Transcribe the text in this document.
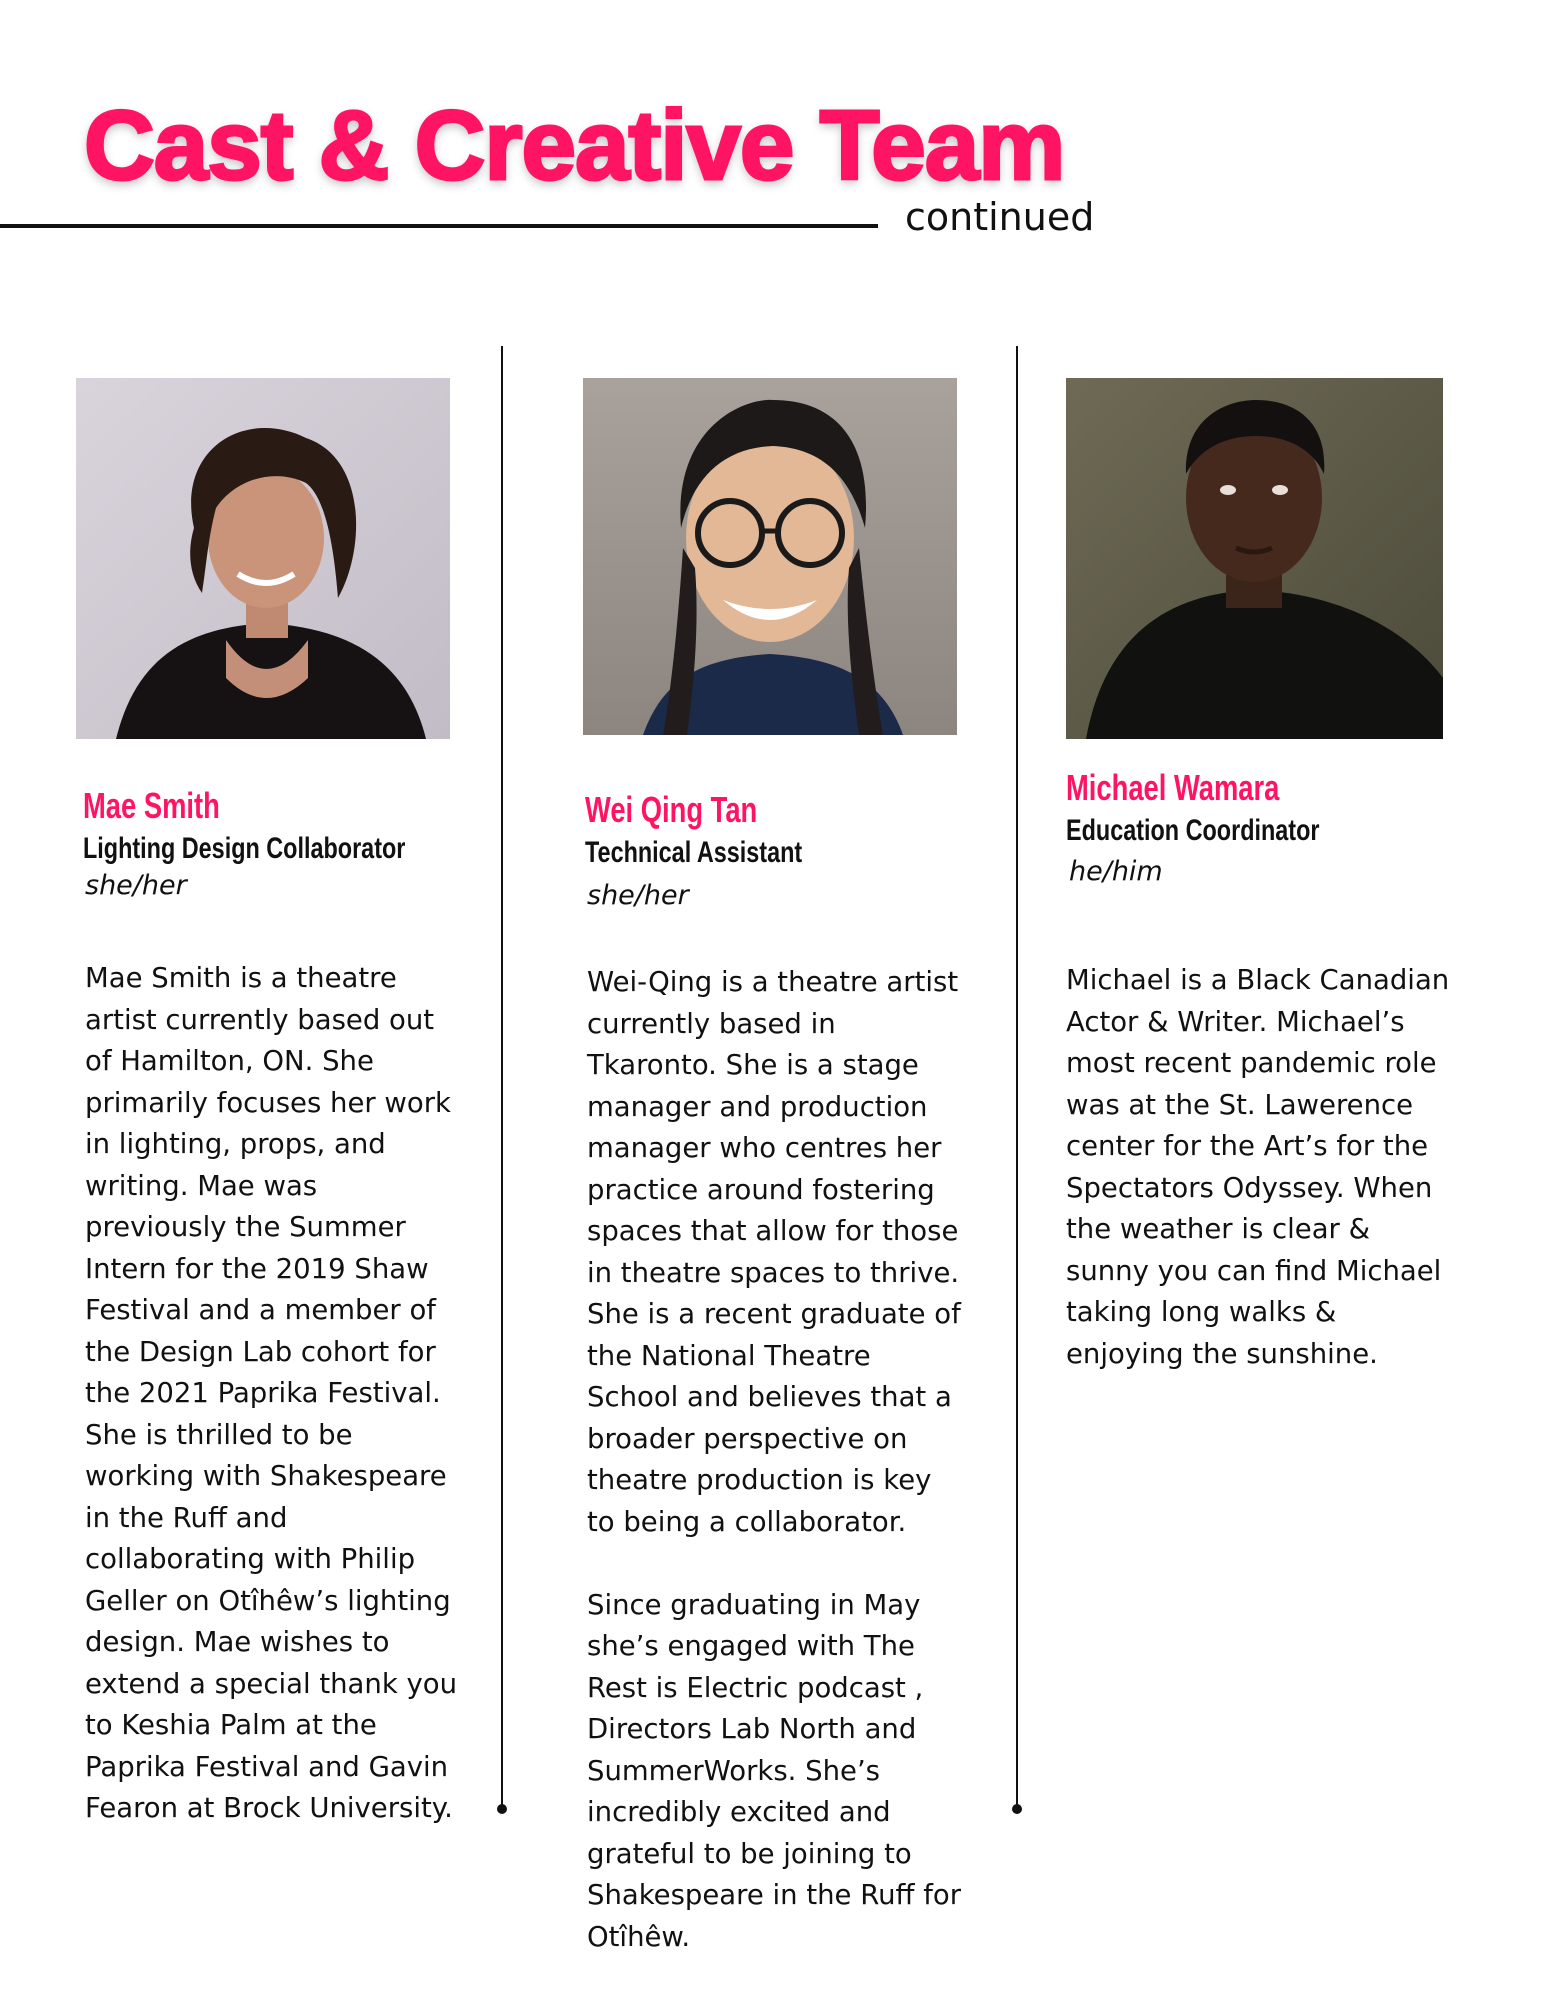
Cast & Creative Team
continued
Mae Smith
Lighting Design Collaborator
she/her
Mae Smith is a theatre
artist currently based out
of Hamilton, ON. She
primarily focuses her work
in lighting, props, and
writing. Mae was
previously the Summer
Intern for the 2019 Shaw
Festival and a member of
the Design Lab cohort for
the 2021 Paprika Festival.
She is thrilled to be
working with Shakespeare
in the Ruff and
collaborating with Philip
Geller on Otîhêw’s lighting
design. Mae wishes to
extend a special thank you
to Keshia Palm at the
Paprika Festival and Gavin
Fearon at Brock University.
Wei Qing Tan
Technical Assistant
she/her
Wei-Qing is a theatre artist
currently based in
Tkaronto. She is a stage
manager and production
manager who centres her
practice around fostering
spaces that allow for those
in theatre spaces to thrive.
She is a recent graduate of
the National Theatre
School and believes that a
broader perspective on
theatre production is key
to being a collaborator.
Since graduating in May
she’s engaged with The
Rest is Electric podcast ,
Directors Lab North and
SummerWorks. She’s
incredibly excited and
grateful to be joining to
Shakespeare in the Ruff for
Otîhêw.
Michael Wamara
Education Coordinator
he/him
Michael is a Black Canadian
Actor & Writer. Michael’s
most recent pandemic role
was at the St. Lawerence
center for the Art’s for the
Spectators Odyssey. When
the weather is clear &
sunny you can find Michael
taking long walks &
enjoying the sunshine.
